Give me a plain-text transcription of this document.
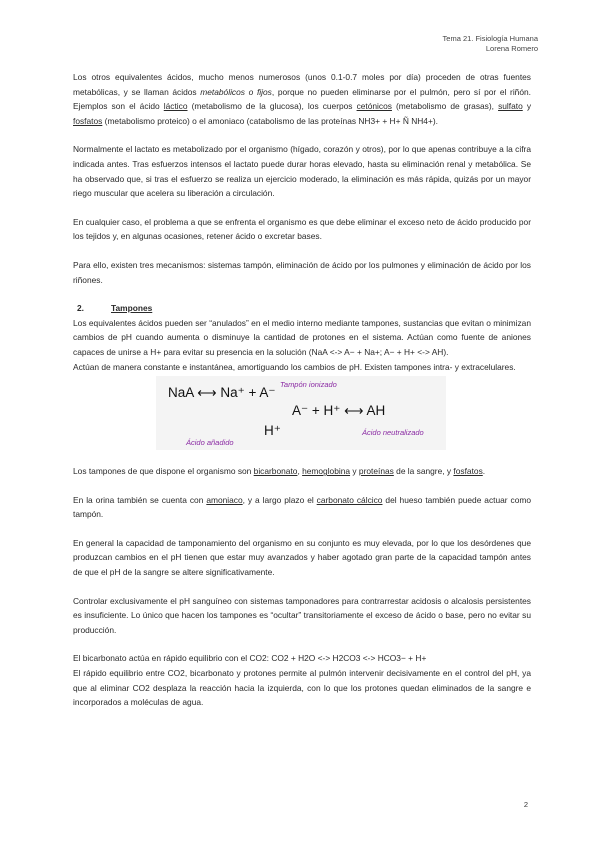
Tema 21. Fisiología Humana
Lorena Romero

Los otros equivalentes ácidos, mucho menos numerosos (unos 0.1-0.7 moles por día) proceden de otras fuentes metabólicas, y se llaman ácidos metabólicos o fijos, porque no pueden eliminarse por el pulmón, pero sí por el riñón. Ejemplos son el ácido láctico (metabolismo de la glucosa), los cuerpos cetónicos (metabolismo de grasas), sulfato y fosfatos (metabolismo proteico) o el amoniaco (catabolismo de las proteínas NH3+ + H+ Ñ NH4+).

Normalmente el lactato es metabolizado por el organismo (hígado, corazón y otros), por lo que apenas contribuye a la cifra indicada antes. Tras esfuerzos intensos el lactato puede durar horas elevado, hasta su eliminación renal y metabólica. Se ha observado que, si tras el esfuerzo se realiza un ejercicio moderado, la eliminación es más rápida, quizás por un mayor riego muscular que acelera su liberación a circulación.

En cualquier caso, el problema a que se enfrenta el organismo es que debe eliminar el exceso neto de ácido producido por los tejidos y, en algunas ocasiones, retener ácido o excretar bases.

Para ello, existen tres mecanismos: sistemas tampón, eliminación de ácido por los pulmones y eliminación de ácido por los riñones.

2.	Tampones

Los equivalentes ácidos pueden ser “anulados” en el medio interno mediante tampones, sustancias que evitan o minimizan cambios de pH cuando aumenta o disminuye la cantidad de protones en el sistema. Actúan como fuente de aniones capaces de unirse a H+ para evitar su presencia en la solución (NaA <-> A− + Na+; A− + H+ <-> AH).

Actúan de manera constante e instantánea, amortiguando los cambios de pH. Existen tampones intra- y extracelulares.

Tampón ionizado
NaA ⟷ Na⁺ + A⁻
A⁻ + H⁺ ⟷ AH
H⁺
Ácido añadido
Ácido neutralizado

Los tampones de que dispone el organismo son bicarbonato, hemoglobina y proteínas de la sangre, y fosfatos.

En la orina también se cuenta con amoniaco, y a largo plazo el carbonato cálcico del hueso también puede actuar como tampón.

En general la capacidad de tamponamiento del organismo en su conjunto es muy elevada, por lo que los desórdenes que produzcan cambios en el pH tienen que estar muy avanzados y haber agotado gran parte de la capacidad tampón antes de que el pH de la sangre se altere significativamente.

Controlar exclusivamente el pH sanguíneo con sistemas tamponadores para contrarrestar acidosis o alcalosis persistentes es insuficiente. Lo único que hacen los tampones es “ocultar” transitoriamente el exceso de ácido o base, pero no evitar su producción.

El bicarbonato actúa en rápido equilibrio con el CO2: CO2 + H2O <-> H2CO3 <-> HCO3− + H+

El rápido equilibrio entre CO2, bicarbonato y protones permite al pulmón intervenir decisivamente en el control del pH, ya que al eliminar CO2 desplaza la reacción hacia la izquierda, con lo que los protones quedan eliminados de la sangre e incorporados a moléculas de agua.

2
